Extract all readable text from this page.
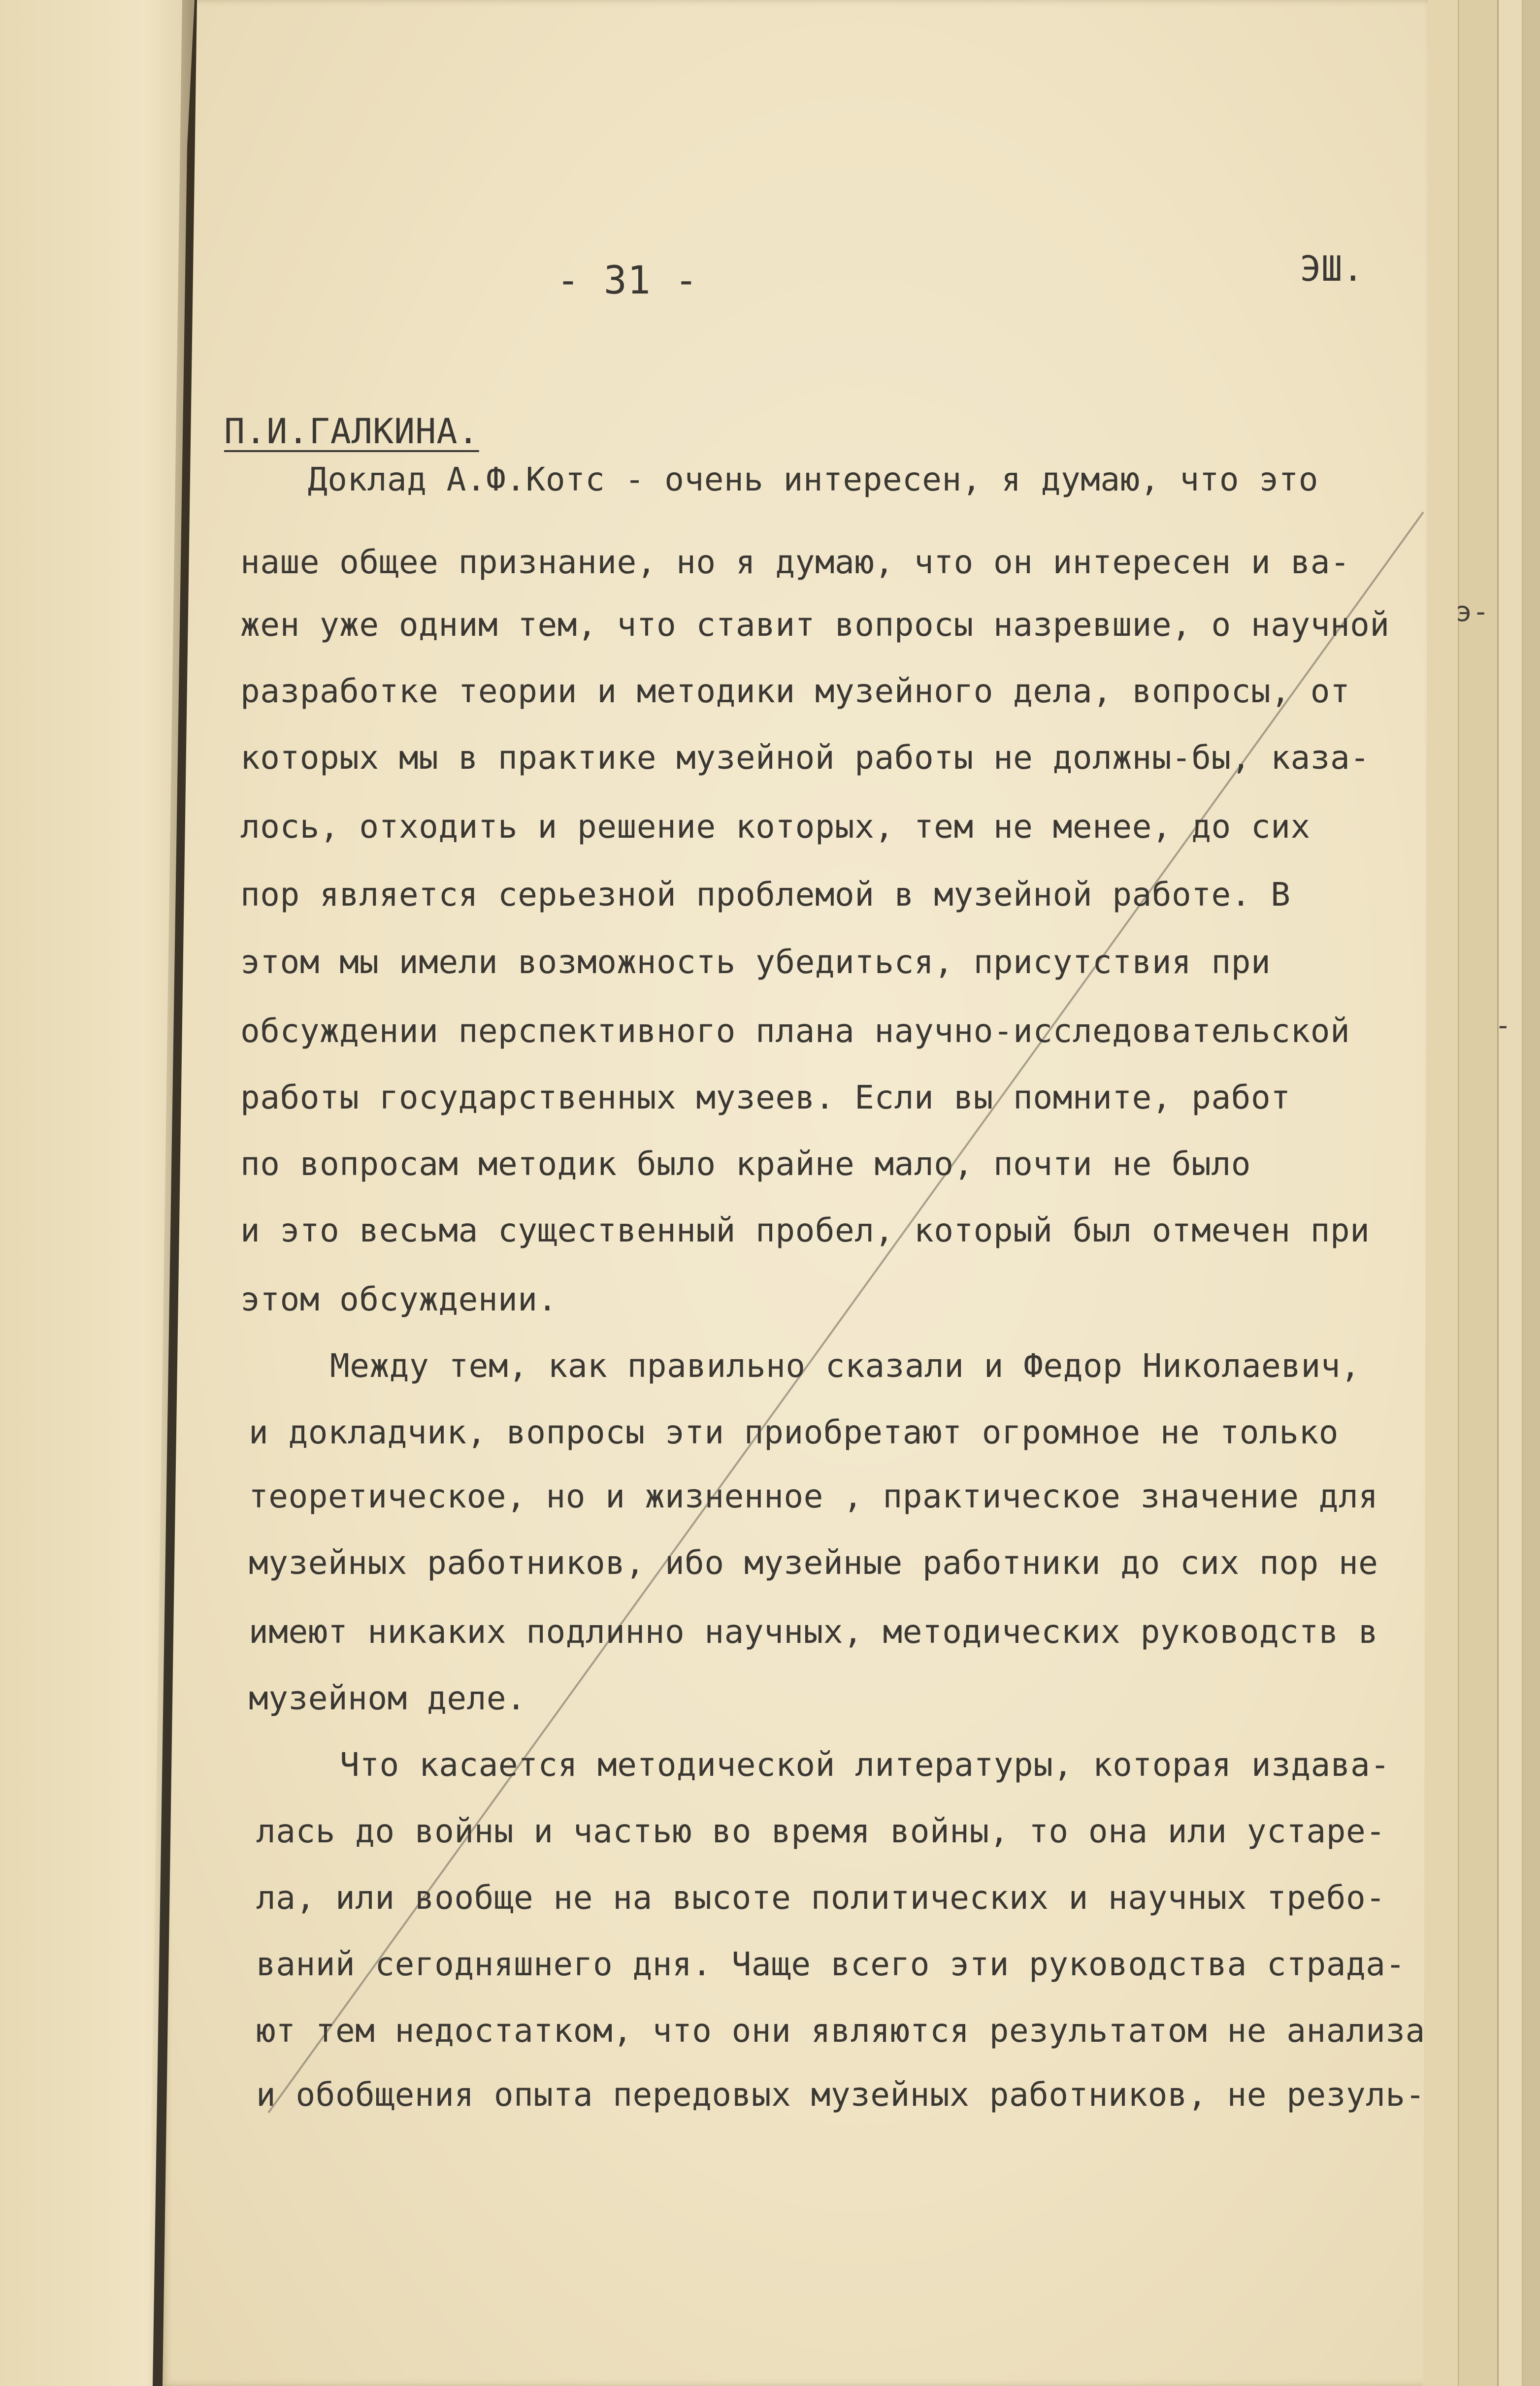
- 31 -	ЭШ.
П.И.ГАЛКИНА.
э-
-
Доклад А.Ф.Котс - очень интересен, я думаю, что это
наше общее признание, но я думаю, что он интересен и ва-
жен уже одним тем, что ставит вопросы назревшие, о научной
разработке теории и методики музейного дела, вопросы, от
которых мы в практике музейной работы не должны-бы, каза-
лось, отходить и решение которых, тем не менее, до сих
пор является серьезной проблемой в музейной работе. В
этом мы имели возможность убедиться, присутствия при
обсуждении перспективного плана научно-исследовательской
работы государственных музеев. Если вы помните, работ
по вопросам методик было крайне мало, почти не было
и это весьма существенный пробел, который был отмечен при
этом обсуждении.
Между тем, как правильно сказали и Федор Николаевич,
и докладчик, вопросы эти приобретают огромное не только
теоретическое, но и жизненное , практическое значение для
музейных работников, ибо музейные работники до сих пор не
имеют никаких подлинно научных, методических руководств в
музейном деле.
Что касается методической литературы, которая издава-
лась до войны и частью во время войны, то она или устаре-
ла, или вообще не на высоте политических и научных требо-
ваний сегодняшнего дня. Чаще всего эти руководства страда-
ют тем недостатком, что они являются результатом не анализа
и обобщения опыта передовых музейных работников, не резуль-
